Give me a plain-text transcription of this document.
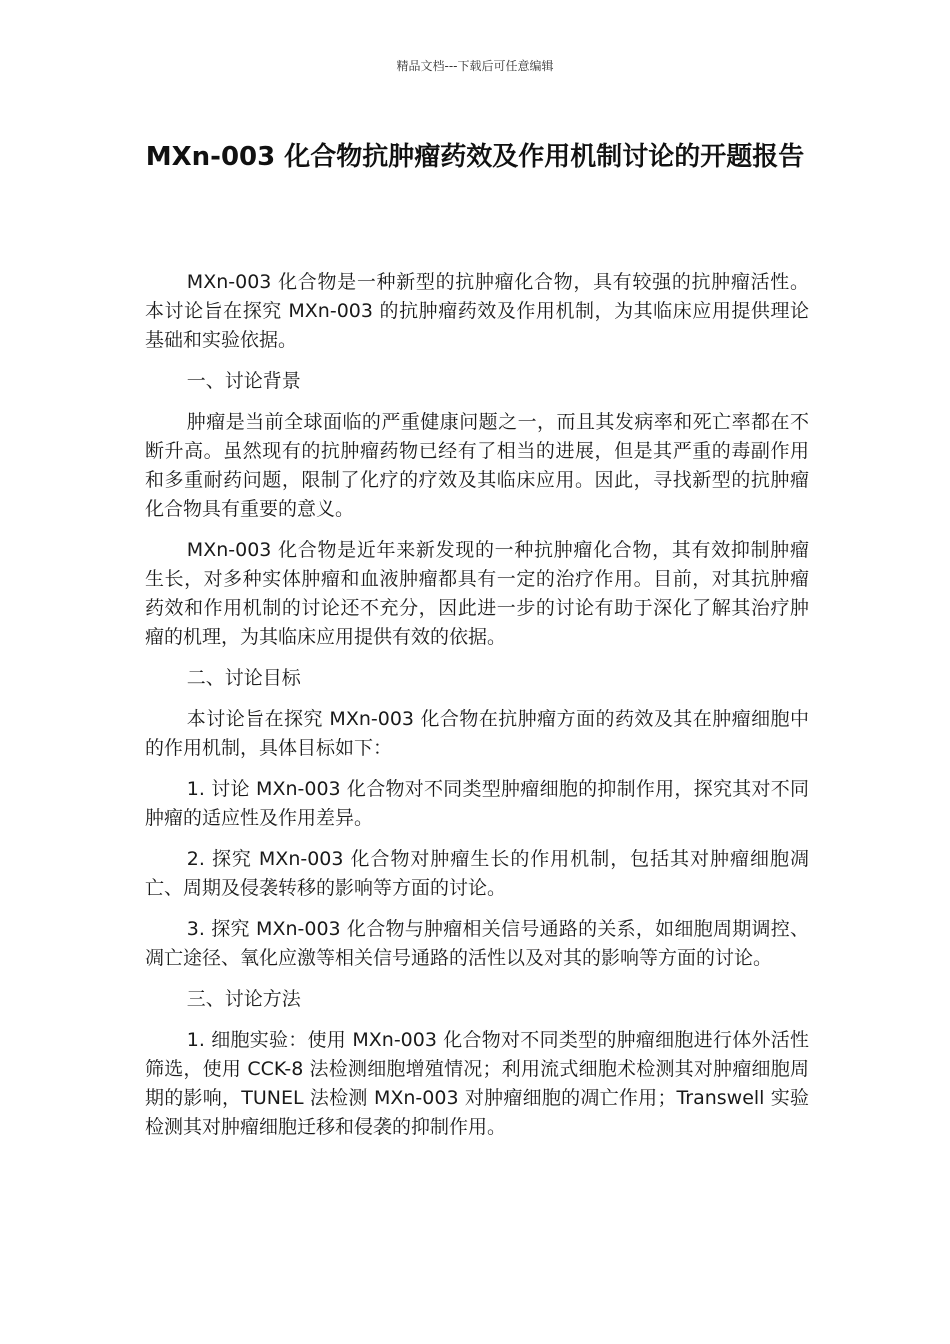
精品文档---下载后可任意编辑
MXn-003 化合物抗肿瘤药效及作用机制讨论的开题报告

MXn-003 化合物是一种新型的抗肿瘤化合物，具有较强的抗肿瘤活性。本讨论旨在探究 MXn-003 的抗肿瘤药效及作用机制，为其临床应用提供理论基础和实验依据。

一、讨论背景

肿瘤是当前全球面临的严重健康问题之一，而且其发病率和死亡率都在不断升高。虽然现有的抗肿瘤药物已经有了相当的进展，但是其严重的毒副作用和多重耐药问题，限制了化疗的疗效及其临床应用。因此，寻找新型的抗肿瘤化合物具有重要的意义。

MXn-003 化合物是近年来新发现的一种抗肿瘤化合物，其有效抑制肿瘤生长，对多种实体肿瘤和血液肿瘤都具有一定的治疗作用。目前，对其抗肿瘤药效和作用机制的讨论还不充分，因此进一步的讨论有助于深化了解其治疗肿瘤的机理，为其临床应用提供有效的依据。

二、讨论目标

本讨论旨在探究 MXn-003 化合物在抗肿瘤方面的药效及其在肿瘤细胞中的作用机制，具体目标如下：

1. 讨论 MXn-003 化合物对不同类型肿瘤细胞的抑制作用，探究其对不同肿瘤的适应性及作用差异。

2. 探究 MXn-003 化合物对肿瘤生长的作用机制，包括其对肿瘤细胞凋亡、周期及侵袭转移的影响等方面的讨论。

3. 探究 MXn-003 化合物与肿瘤相关信号通路的关系，如细胞周期调控、凋亡途径、氧化应激等相关信号通路的活性以及对其的影响等方面的讨论。

三、讨论方法

1. 细胞实验：使用 MXn-003 化合物对不同类型的肿瘤细胞进行体外活性筛选，使用 CCK-8 法检测细胞增殖情况；利用流式细胞术检测其对肿瘤细胞周期的影响，TUNEL 法检测 MXn-003 对肿瘤细胞的凋亡作用；Transwell 实验检测其对肿瘤细胞迁移和侵袭的抑制作用。
